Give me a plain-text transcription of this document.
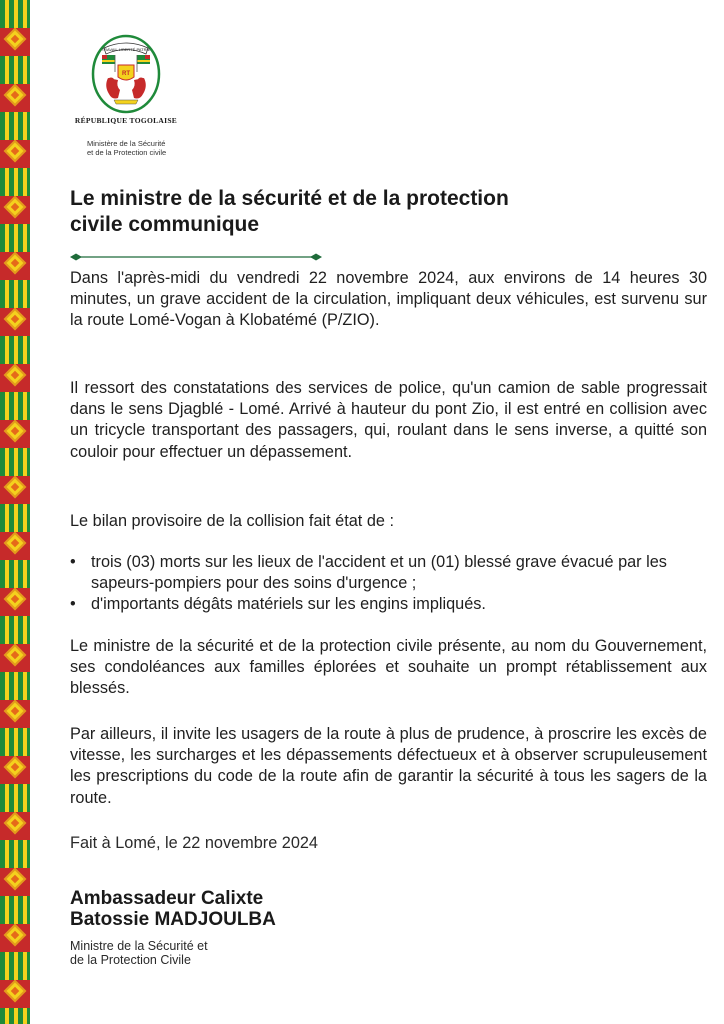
TRAVAIL LIBERTÉ PATRIE
RT
RÉPUBLIQUE TOGOLAISE
Ministère de la Sécurité
et de la Protection civile
Le ministre de la sécurité et de la protection
civile communique

Dans l'après-midi du vendredi 22 novembre 2024, aux environs de 14 heures 30 minutes, un grave accident de la circulation, impliquant deux véhicules, est survenu sur la route Lomé-Vogan à Klobatémé (P/ZIO).

Il ressort des constatations des services de police, qu'un camion de sable progressait dans le sens Djagblé - Lomé. Arrivé à hauteur du pont Zio, il est entré en collision avec un tricycle transportant des passagers, qui, roulant dans le sens inverse, a quitté son couloir pour effectuer un dépassement.

Le bilan provisoire de la collision fait état de :

• trois (03) morts sur les lieux de l'accident et un (01) blessé grave évacué par les sapeurs-pompiers pour des soins d'urgence ;
• d'importants dégâts matériels sur les engins impliqués.

Le ministre de la sécurité et de la protection civile présente, au nom du Gouvernement, ses condoléances aux familles éplorées et souhaite un prompt rétablissement aux blessés.

Par ailleurs, il invite les usagers de la route à plus de prudence, à proscrire les excès de vitesse, les surcharges et les dépassements défectueux et à observer scrupuleusement les prescriptions du code de la route afin de garantir la sécurité à tous les sagers de la route.

Fait à Lomé, le 22 novembre 2024
Ambassadeur Calixte
Batossie MADJOULBA
Ministre de la Sécurité et
de la Protection Civile
